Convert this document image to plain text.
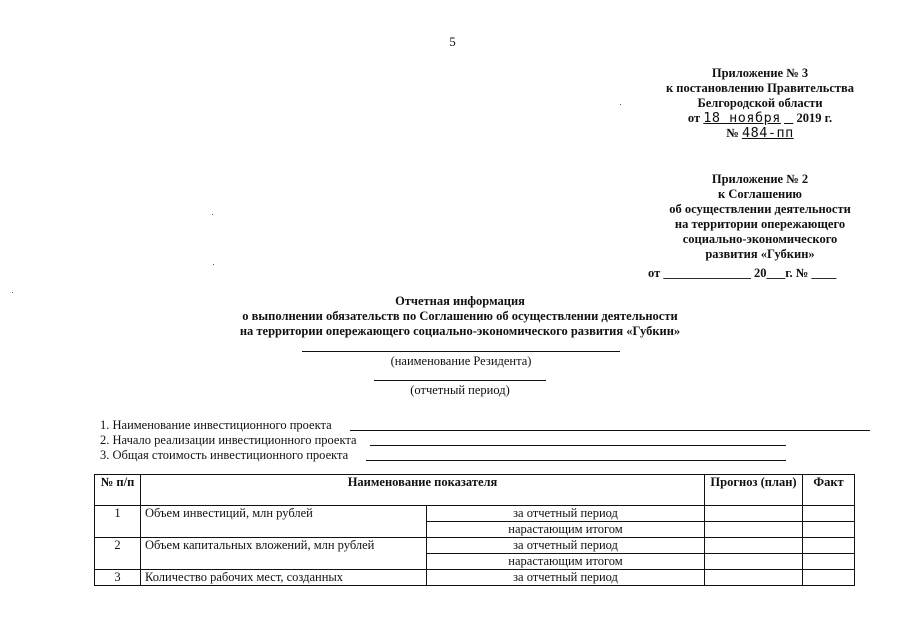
5
Приложение № 3
к постановлению Правительства
Белгородской области
от 18 ноября 2019 г.
№ 484-пп
Приложение № 2
к Соглашению
об осуществлении деятельности
на территории опережающего
социально-экономического
развития «Губкин»
от ______________ 20___г. № ____
Отчетная информация
о выполнении обязательств по Соглашению об осуществлении деятельности
на территории опережающего социально-экономического развития «Губкин»
(наименование Резидента)
(отчетный период)
1. Наименование инвестиционного проекта
2. Начало реализации инвестиционного проекта
3. Общая стоимость инвестиционного проекта
№ п/п	Наименование показателя		Прогноз (план)	Факт
1	Объем инвестиций, млн рублей	за отчетный период		
		нарастающим итогом		
2	Объем капитальных вложений, млн рублей	за отчетный период		
		нарастающим итогом		
3	Количество рабочих мест, созданных	за отчетный период		
